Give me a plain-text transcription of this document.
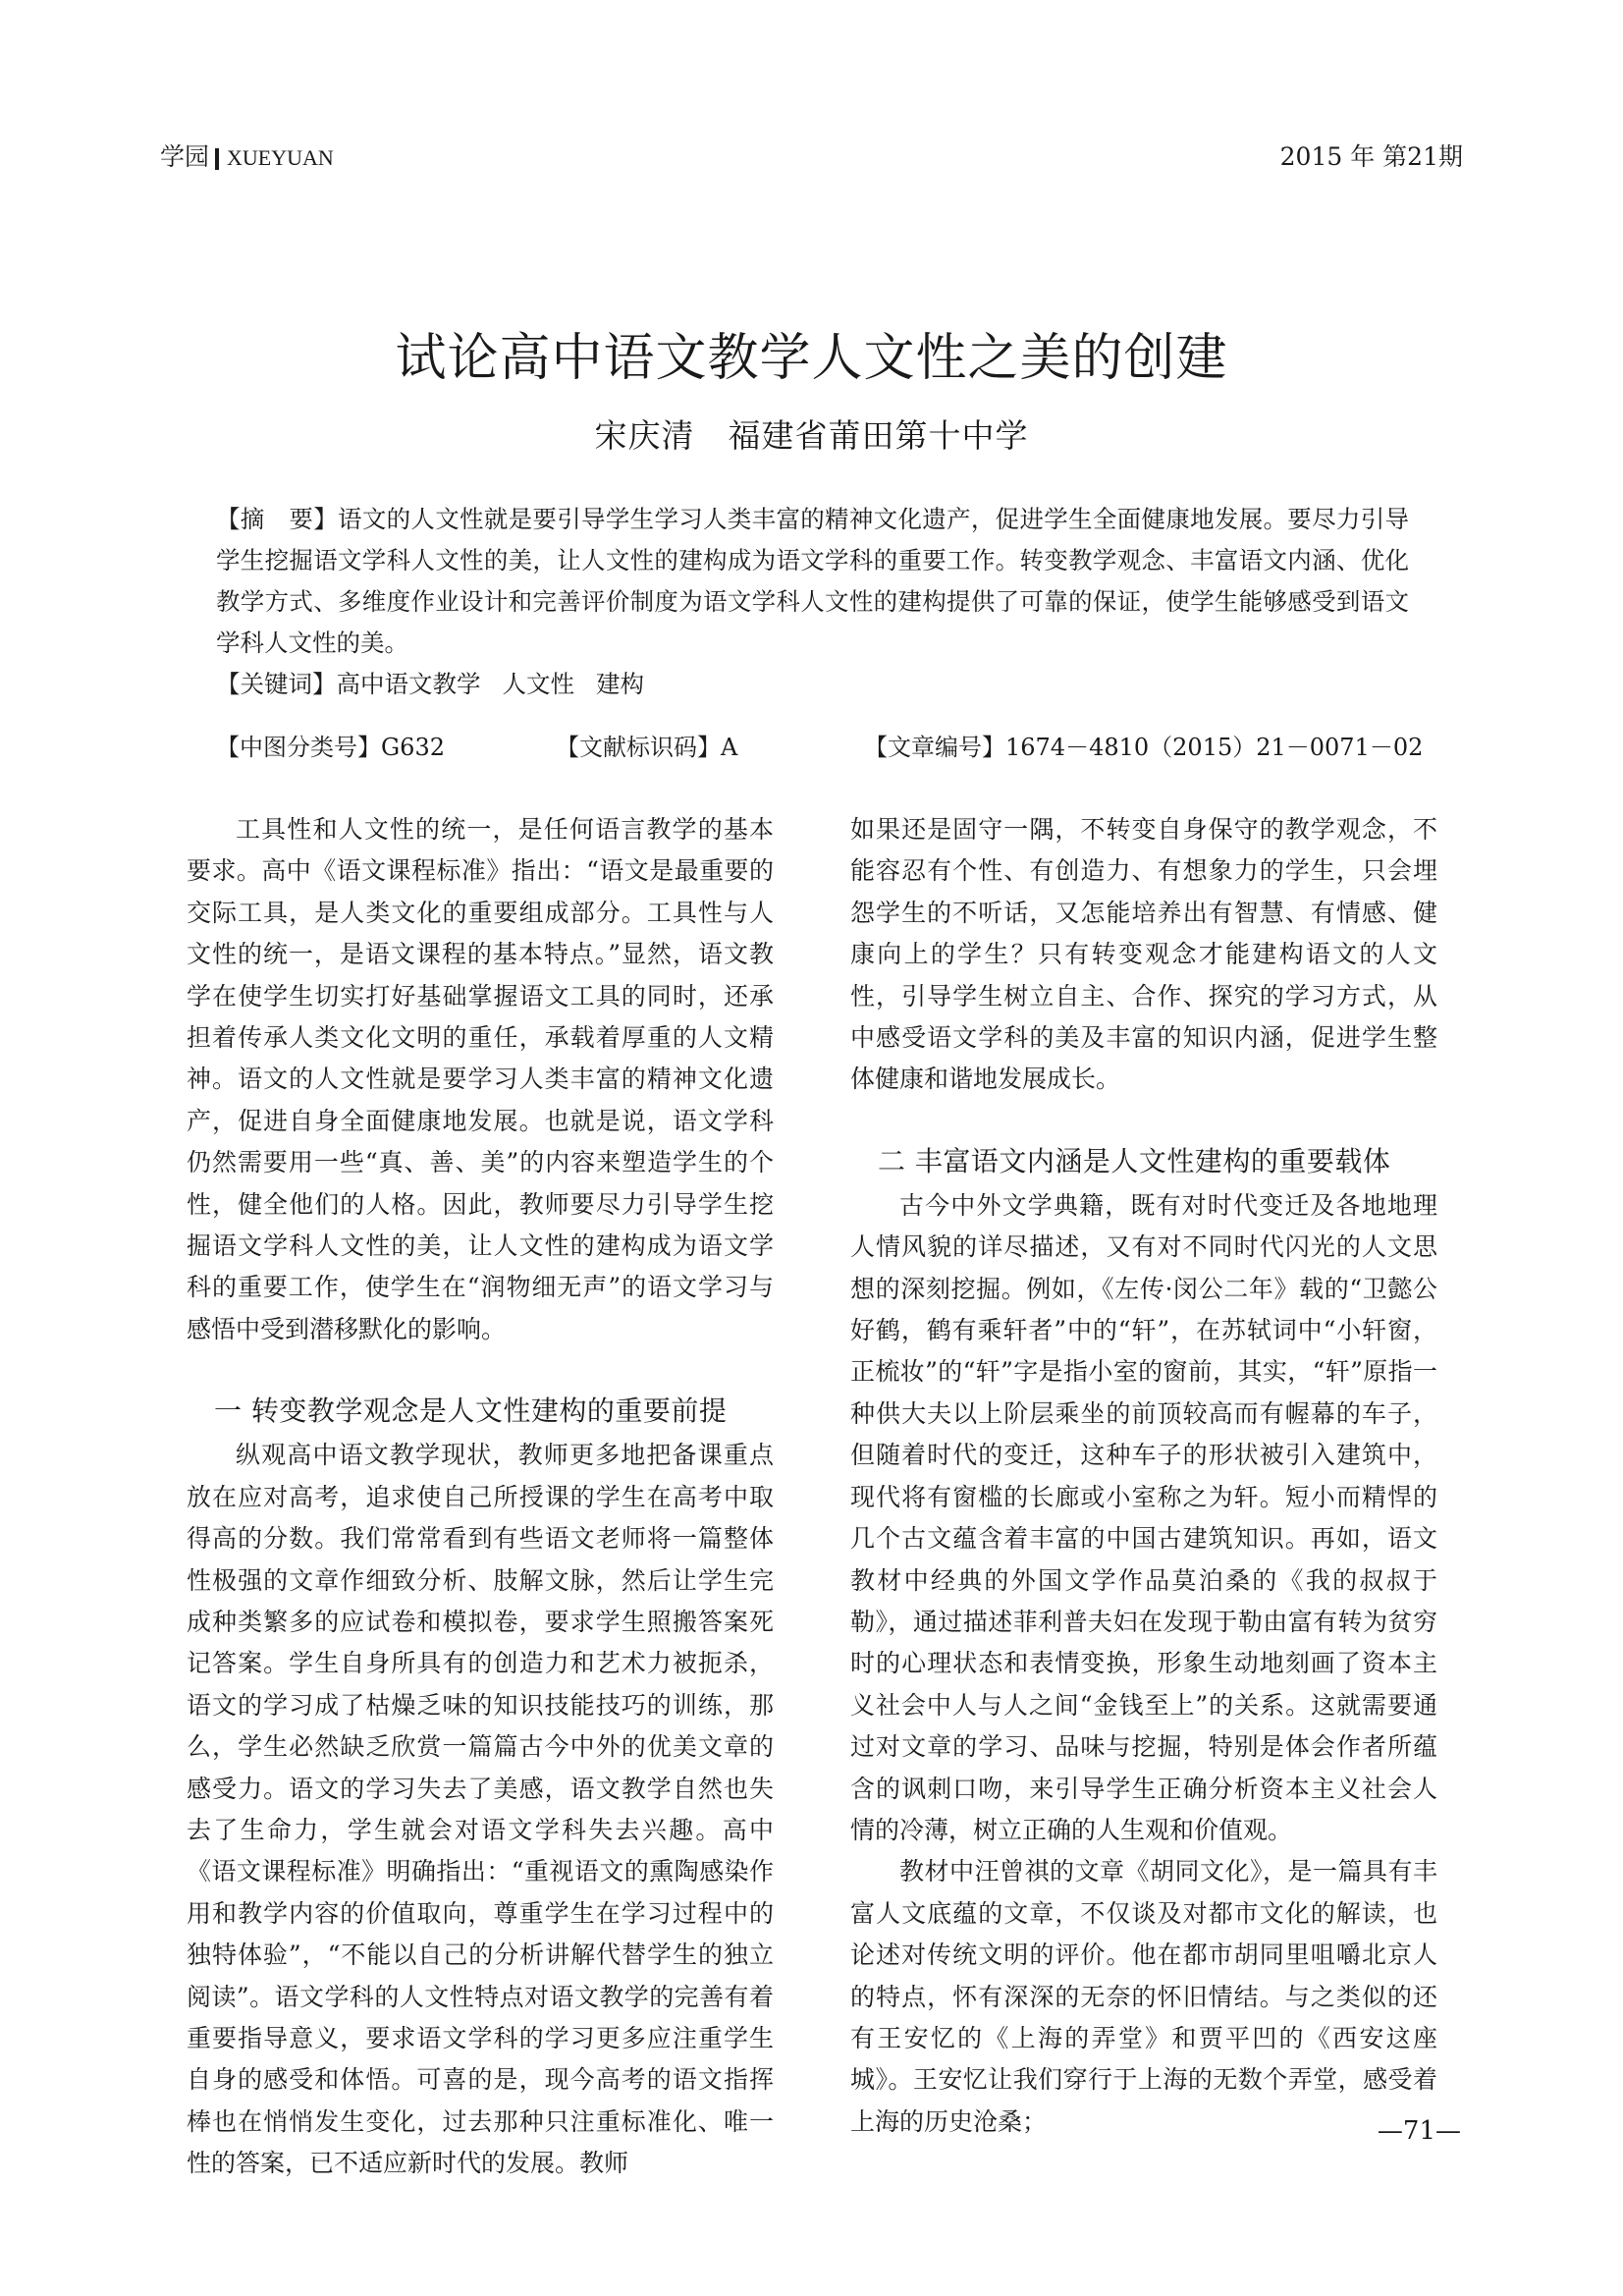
学园 XUEYUAN	2015 年 第21期
试论高中语文教学人文性之美的创建
宋庆清 福建省莆田第十中学
【摘　要】语文的人文性就是要引导学生学习人类丰富的精神文化遗产，促进学生全面健康地发展。要尽力引导学生挖掘语文学科人文性的美，让人文性的建构成为语文学科的重要工作。转变教学观念、丰富语文内涵、优化教学方式、多维度作业设计和完善评价制度为语文学科人文性的建构提供了可靠的保证，使学生能够感受到语文学科人文性的美。
【关键词】高中语文教学 人文性 建构
【中图分类号】G632	【文献标识码】A	【文章编号】1674－4810（2015）21－0071－02

工具性和人文性的统一，是任何语言教学的基本要求。高中《语文课程标准》指出：“语文是最重要的交际工具，是人类文化的重要组成部分。工具性与人文性的统一，是语文课程的基本特点。”显然，语文教学在使学生切实打好基础掌握语文工具的同时，还承担着传承人类文化文明的重任，承载着厚重的人文精神。语文的人文性就是要学习人类丰富的精神文化遗产，促进自身全面健康地发展。也就是说，语文学科仍然需要用一些“真、善、美”的内容来塑造学生的个性，健全他们的人格。因此，教师要尽力引导学生挖掘语文学科人文性的美，让人文性的建构成为语文学科的重要工作，使学生在“润物细无声”的语文学习与感悟中受到潜移默化的影响。

一 转变教学观念是人文性建构的重要前提

纵观高中语文教学现状，教师更多地把备课重点放在应对高考，追求使自己所授课的学生在高考中取得高的分数。我们常常看到有些语文老师将一篇整体性极强的文章作细致分析、肢解文脉，然后让学生完成种类繁多的应试卷和模拟卷，要求学生照搬答案死记答案。学生自身所具有的创造力和艺术力被扼杀，语文的学习成了枯燥乏味的知识技能技巧的训练，那么，学生必然缺乏欣赏一篇篇古今中外的优美文章的感受力。语文的学习失去了美感，语文教学自然也失去了生命力，学生就会对语文学科失去兴趣。高中《语文课程标准》明确指出：“重视语文的熏陶感染作用和教学内容的价值取向，尊重学生在学习过程中的独特体验”，“不能以自己的分析讲解代替学生的独立阅读”。语文学科的人文性特点对语文教学的完善有着重要指导意义，要求语文学科的学习更多应注重学生自身的感受和体悟。可喜的是，现今高考的语文指挥棒也在悄悄发生变化，过去那种只注重标准化、唯一性的答案，已不适应新时代的发展。教师

如果还是固守一隅，不转变自身保守的教学观念，不能容忍有个性、有创造力、有想象力的学生，只会埋怨学生的不听话，又怎能培养出有智慧、有情感、健康向上的学生？只有转变观念才能建构语文的人文性，引导学生树立自主、合作、探究的学习方式，从中感受语文学科的美及丰富的知识内涵，促进学生整体健康和谐地发展成长。

二 丰富语文内涵是人文性建构的重要载体

古今中外文学典籍，既有对时代变迁及各地地理人情风貌的详尽描述，又有对不同时代闪光的人文思想的深刻挖掘。例如，《左传·闵公二年》载的“卫懿公好鹤，鹤有乘轩者”中的“轩”，在苏轼词中“小轩窗，正梳妆”的“轩”字是指小室的窗前，其实，“轩”原指一种供大夫以上阶层乘坐的前顶较高而有幄幕的车子，但随着时代的变迁，这种车子的形状被引入建筑中，现代将有窗槛的长廊或小室称之为轩。短小而精悍的几个古文蕴含着丰富的中国古建筑知识。再如，语文教材中经典的外国文学作品莫泊桑的《我的叔叔于勒》，通过描述菲利普夫妇在发现于勒由富有转为贫穷时的心理状态和表情变换，形象生动地刻画了资本主义社会中人与人之间“金钱至上”的关系。这就需要通过对文章的学习、品味与挖掘，特别是体会作者所蕴含的讽刺口吻，来引导学生正确分析资本主义社会人情的冷薄，树立正确的人生观和价值观。

教材中汪曾祺的文章《胡同文化》，是一篇具有丰富人文底蕴的文章，不仅谈及对都市文化的解读，也论述对传统文明的评价。他在都市胡同里咀嚼北京人的特点，怀有深深的无奈的怀旧情结。与之类似的还有王安忆的《上海的弄堂》和贾平凹的《西安这座城》。王安忆让我们穿行于上海的无数个弄堂，感受着上海的历史沧桑；	—71—
